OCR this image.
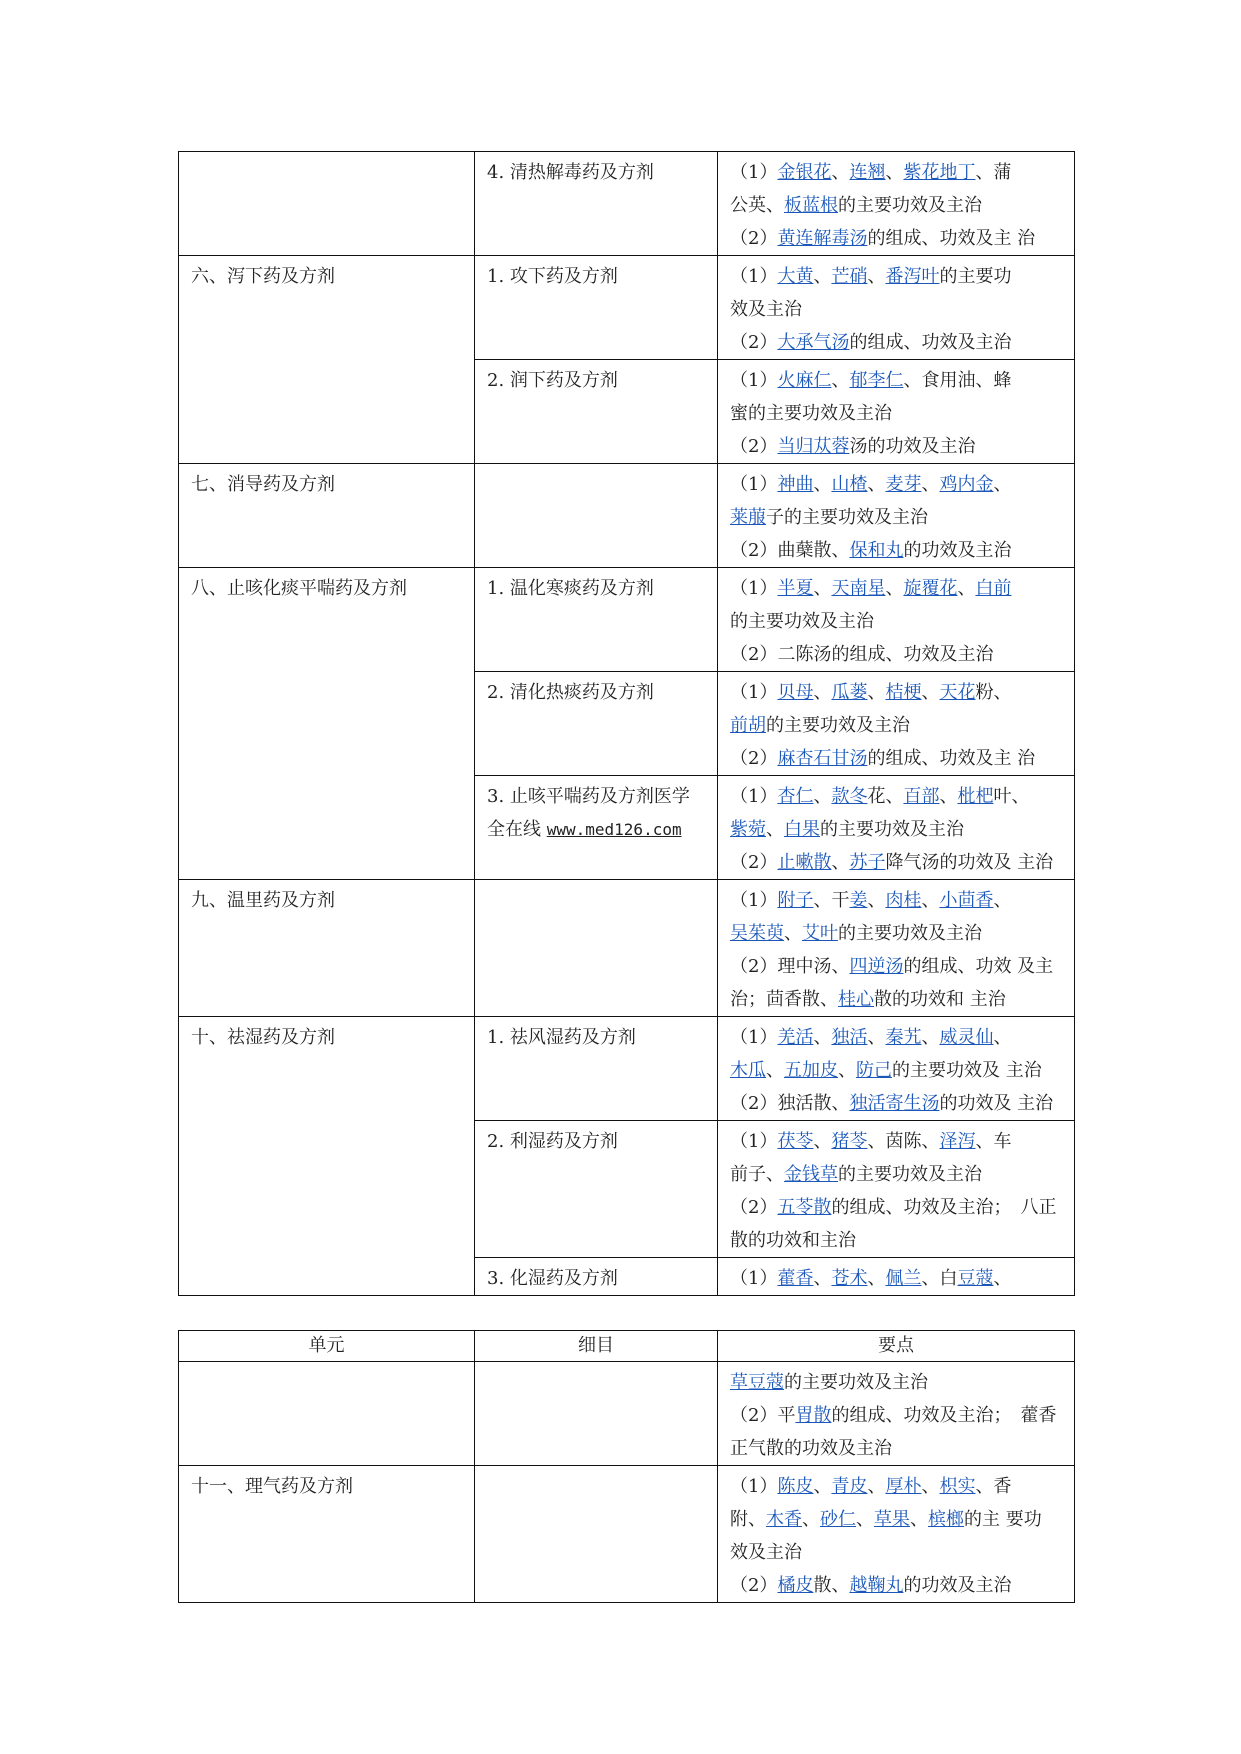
	4. 清热解毒药及方剂	（1）金银花、连翘、紫花地丁、蒲
公英、板蓝根的主要功效及主治
（2）黄连解毒汤的组成、功效及主 治

六、泻下药及方剂	1. 攻下药及方剂	（1）大黄、芒硝、番泻叶的主要功
效及主治
（2）大承气汤的组成、功效及主治

	2. 润下药及方剂	（1）火麻仁、郁李仁、食用油、蜂
蜜的主要功效及主治
（2）当归苁蓉汤的功效及主治

七、消导药及方剂		（1）神曲、山楂、麦芽、鸡内金、
莱菔子的主要功效及主治
（2）曲蘖散、保和丸的功效及主治

八、止咳化痰平喘药及方剂	1. 温化寒痰药及方剂	（1）半夏、天南星、旋覆花、白前
的主要功效及主治
（2）二陈汤的组成、功效及主治

	2. 清化热痰药及方剂	（1）贝母、瓜蒌、桔梗、天花粉、
前胡的主要功效及主治
（2）麻杏石甘汤的组成、功效及主 治

	3. 止咳平喘药及方剂医学全在线 www.med126.com	（1）杏仁、款冬花、百部、枇杷叶、
紫菀、白果的主要功效及主治
（2）止嗽散、苏子降气汤的功效及 主治

九、温里药及方剂		（1）附子、干姜、肉桂、小茴香、
吴茱萸、艾叶的主要功效及主治
（2）理中汤、四逆汤的组成、功效 及主
治；茴香散、桂心散的功效和 主治

十、祛湿药及方剂	1. 祛风湿药及方剂	（1）羌活、独活、秦艽、威灵仙、
木瓜、五加皮、防己的主要功效及 主治
（2）独活散、独活寄生汤的功效及 主治

	2. 利湿药及方剂	（1）茯苓、猪苓、茵陈、泽泻、车
前子、金钱草的主要功效及主治
（2）五苓散的组成、功效及主治；　八正
散的功效和主治

	3. 化湿药及方剂	（1）藿香、苍术、佩兰、白豆蔻、
单元	细目	要点

		草豆蔻的主要功效及主治
（2）平胃散的组成、功效及主治；　藿香
正气散的功效及主治

十一、理气药及方剂		（1）陈皮、青皮、厚朴、枳实、香
附、木香、砂仁、草果、槟榔的主 要功
效及主治
（2）橘皮散、越鞠丸的功效及主治
